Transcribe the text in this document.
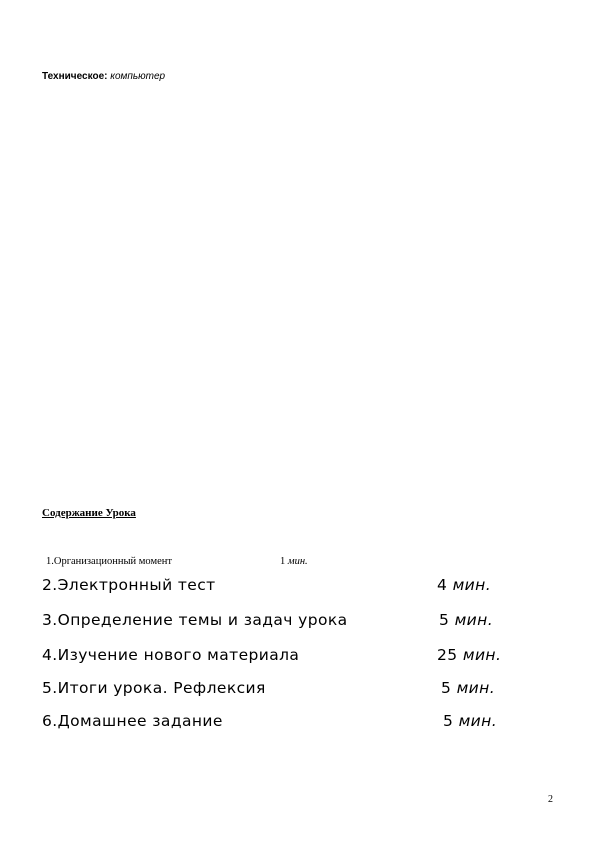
Техническое: компьютер
Содержание Урока
1.Организационный момент	1 мин.
2.Электронный тест	4 мин.
3.Определение темы и задач урока	5 мин.
4.Изучение нового материала	25 мин.
5.Итоги урока. Рефлексия	5 мин.
6.Домашнее задание	5 мин.
2
